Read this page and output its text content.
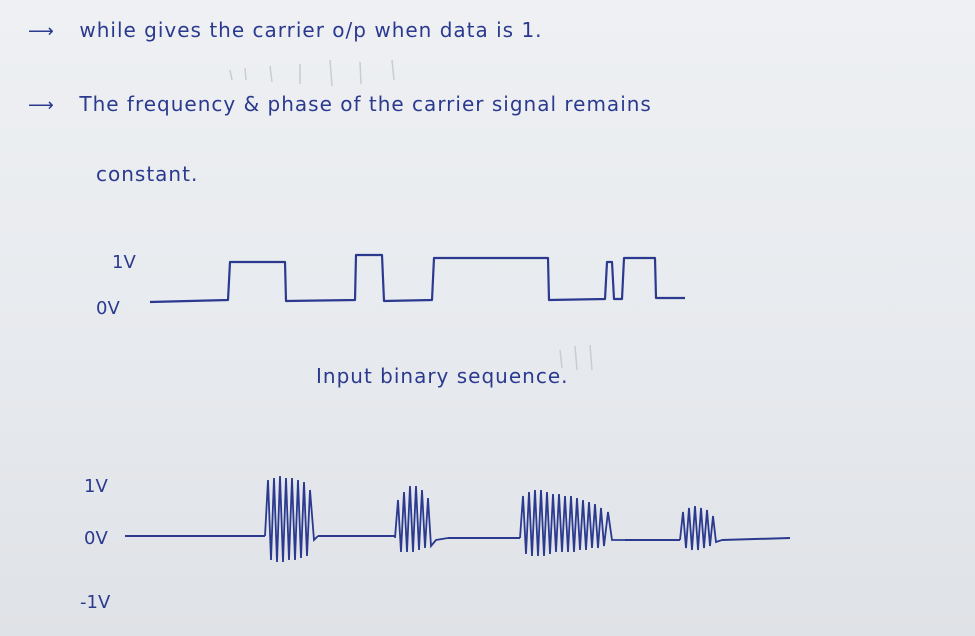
⟶ while gives the carrier o/p when data is 1.
⟶ The frequency & phase of the carrier signal remains
constant.
1V
0V
1V
0V
-1V
Input binary sequence.
